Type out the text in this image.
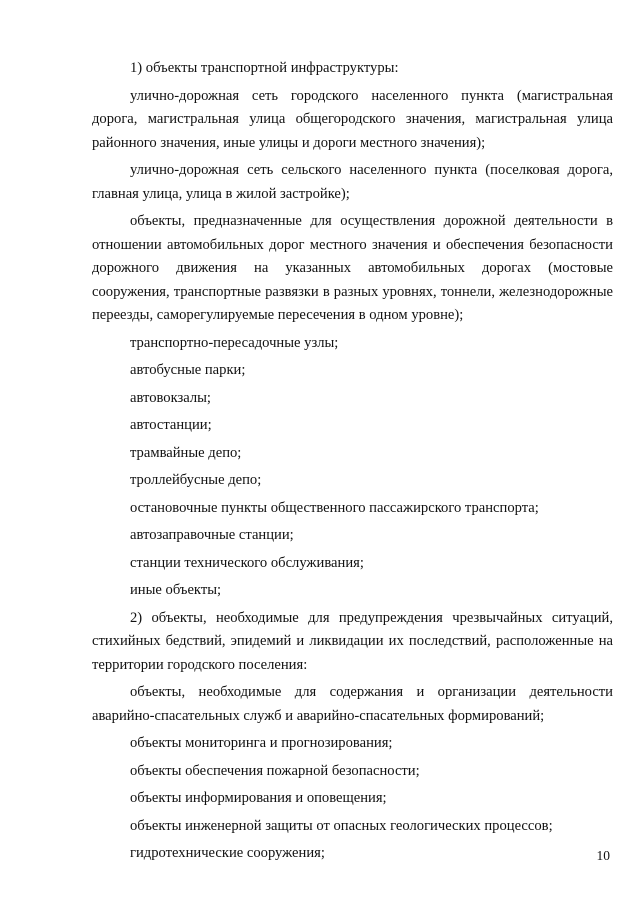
1) объекты транспортной инфраструктуры:

улично-дорожная сеть городского населенного пункта (магистральная дорога, магистральная улица общегородского значения, магистральная улица районного значения, иные улицы и дороги местного значения);

улично-дорожная сеть сельского населенного пункта (поселковая дорога, главная улица, улица в жилой застройке);

объекты, предназначенные для осуществления дорожной деятельности в отношении автомобильных дорог местного значения и обеспечения безопасности дорожного движения на указанных автомобильных дорогах (мостовые сооружения, транспортные развязки в разных уровнях, тоннели, железнодорожные переезды, саморегулируемые пересечения в одном уровне);

транспортно-пересадочные узлы;

автобусные парки;

автовокзалы;

автостанции;

трамвайные депо;

троллейбусные депо;

остановочные пункты общественного пассажирского транспорта;

автозаправочные станции;

станции технического обслуживания;

иные объекты;

2) объекты, необходимые для предупреждения чрезвычайных ситуаций, стихийных бедствий, эпидемий и ликвидации их последствий, расположенные на территории городского поселения:

объекты, необходимые для содержания и организации деятельности аварийно-спасательных служб и аварийно-спасательных формирований;

объекты мониторинга и прогнозирования;

объекты обеспечения пожарной безопасности;

объекты информирования и оповещения;

объекты инженерной защиты от опасных геологических процессов;

гидротехнические сооружения;	10
